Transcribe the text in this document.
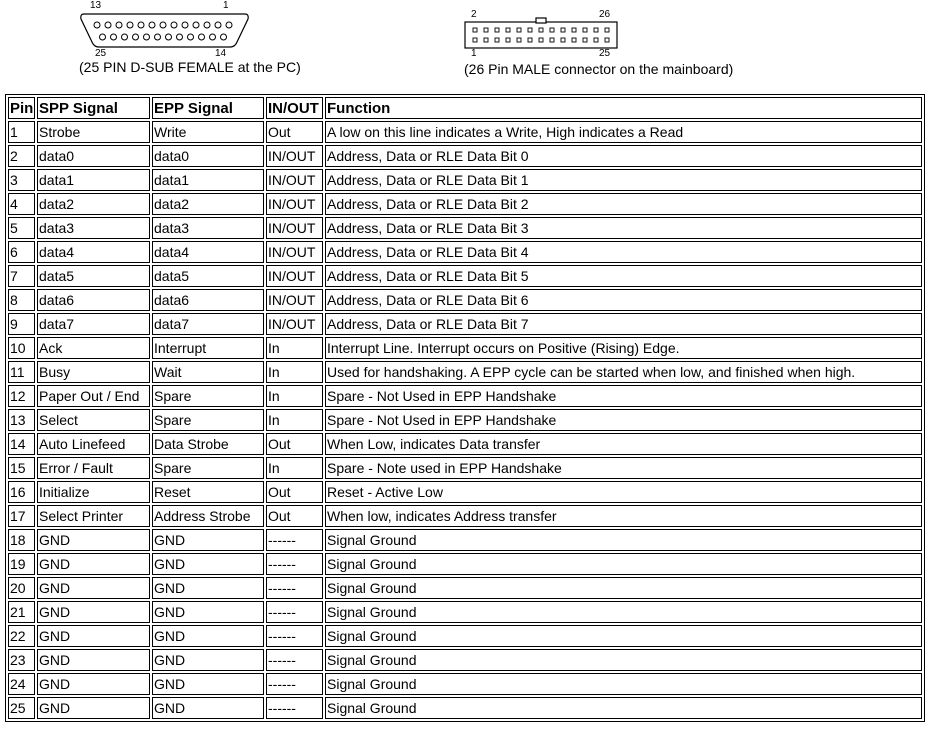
13	1
25	14
(25 PIN D-SUB FEMALE at the PC)
2	26
1	25
(26 Pin MALE connector on the mainboard)
Pin	SPP Signal	EPP Signal	IN/OUT	Function
1	Strobe	Write	Out	A low on this line indicates a Write, High indicates a Read
2	data0	data0	IN/OUT	Address, Data or RLE Data Bit 0
3	data1	data1	IN/OUT	Address, Data or RLE Data Bit 1
4	data2	data2	IN/OUT	Address, Data or RLE Data Bit 2
5	data3	data3	IN/OUT	Address, Data or RLE Data Bit 3
6	data4	data4	IN/OUT	Address, Data or RLE Data Bit 4
7	data5	data5	IN/OUT	Address, Data or RLE Data Bit 5
8	data6	data6	IN/OUT	Address, Data or RLE Data Bit 6
9	data7	data7	IN/OUT	Address, Data or RLE Data Bit 7
10	Ack	Interrupt	In	Interrupt Line. Interrupt occurs on Positive (Rising) Edge.
11	Busy	Wait	In	Used for handshaking. A EPP cycle can be started when low, and finished when high.
12	Paper Out / End	Spare	In	Spare - Not Used in EPP Handshake
13	Select	Spare	In	Spare - Not Used in EPP Handshake
14	Auto Linefeed	Data Strobe	Out	When Low, indicates Data transfer
15	Error / Fault	Spare	In	Spare - Note used in EPP Handshake
16	Initialize	Reset	Out	Reset - Active Low
17	Select Printer	Address Strobe	Out	When low, indicates Address transfer
18	GND	GND	------	Signal Ground
19	GND	GND	------	Signal Ground
20	GND	GND	------	Signal Ground
21	GND	GND	------	Signal Ground
22	GND	GND	------	Signal Ground
23	GND	GND	------	Signal Ground
24	GND	GND	------	Signal Ground
25	GND	GND	------	Signal Ground
